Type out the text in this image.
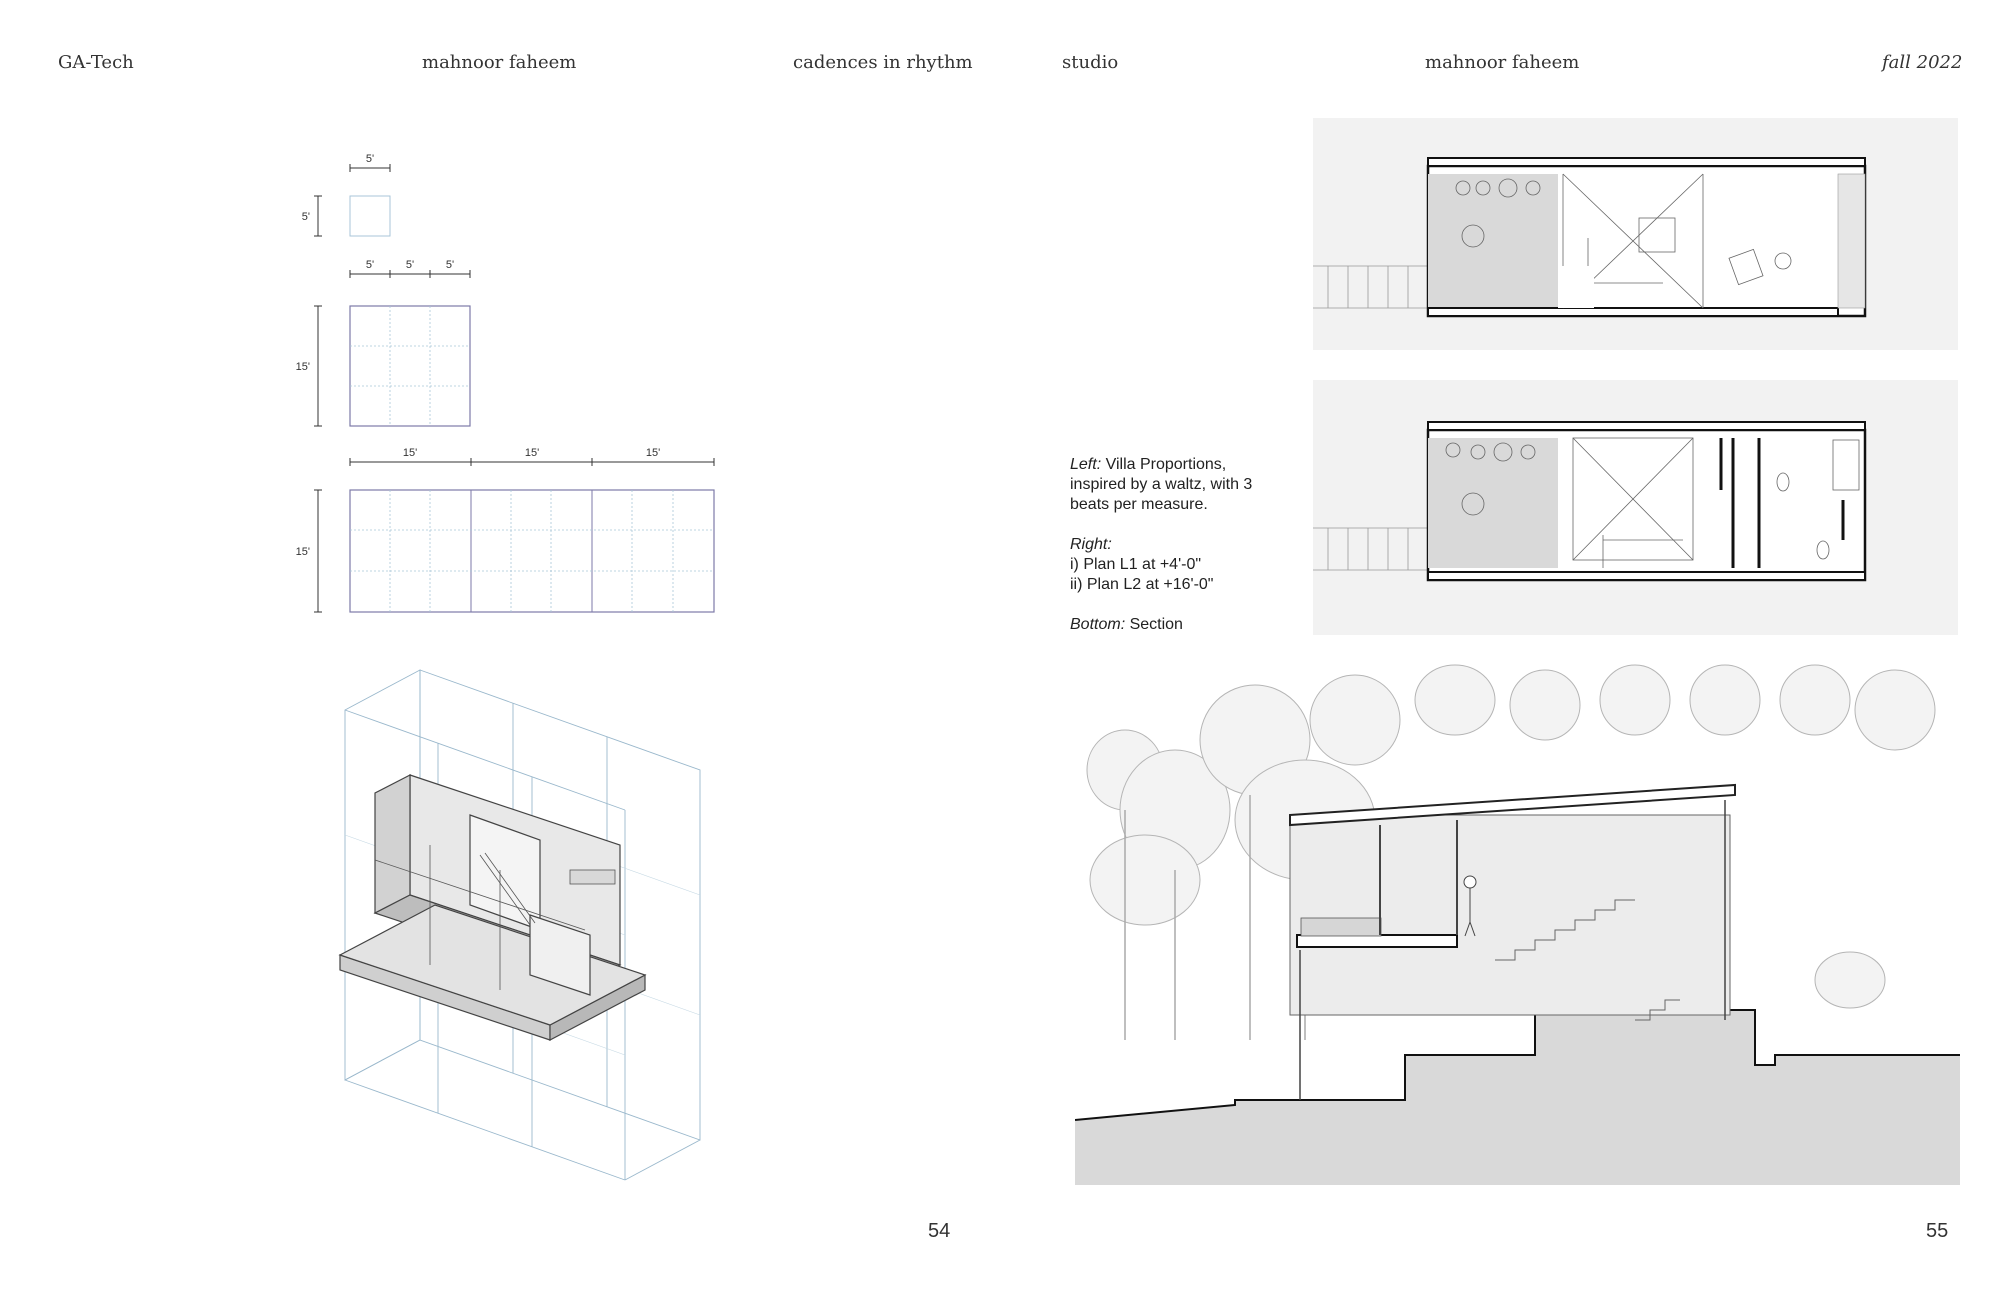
GA-Tech	mahnoor faheem	cadences in rhythm	studio	mahnoor faheem	fall 2022
5'
5'
5'	5'	5'
15'
15'	15'	15'
15'

Left: Villa Proportions, inspired by a waltz, with 3 beats per measure.

Right:
i) Plan L1 at +4'-0"
ii) Plan L2 at +16'-0"

Bottom: Section

54	55
